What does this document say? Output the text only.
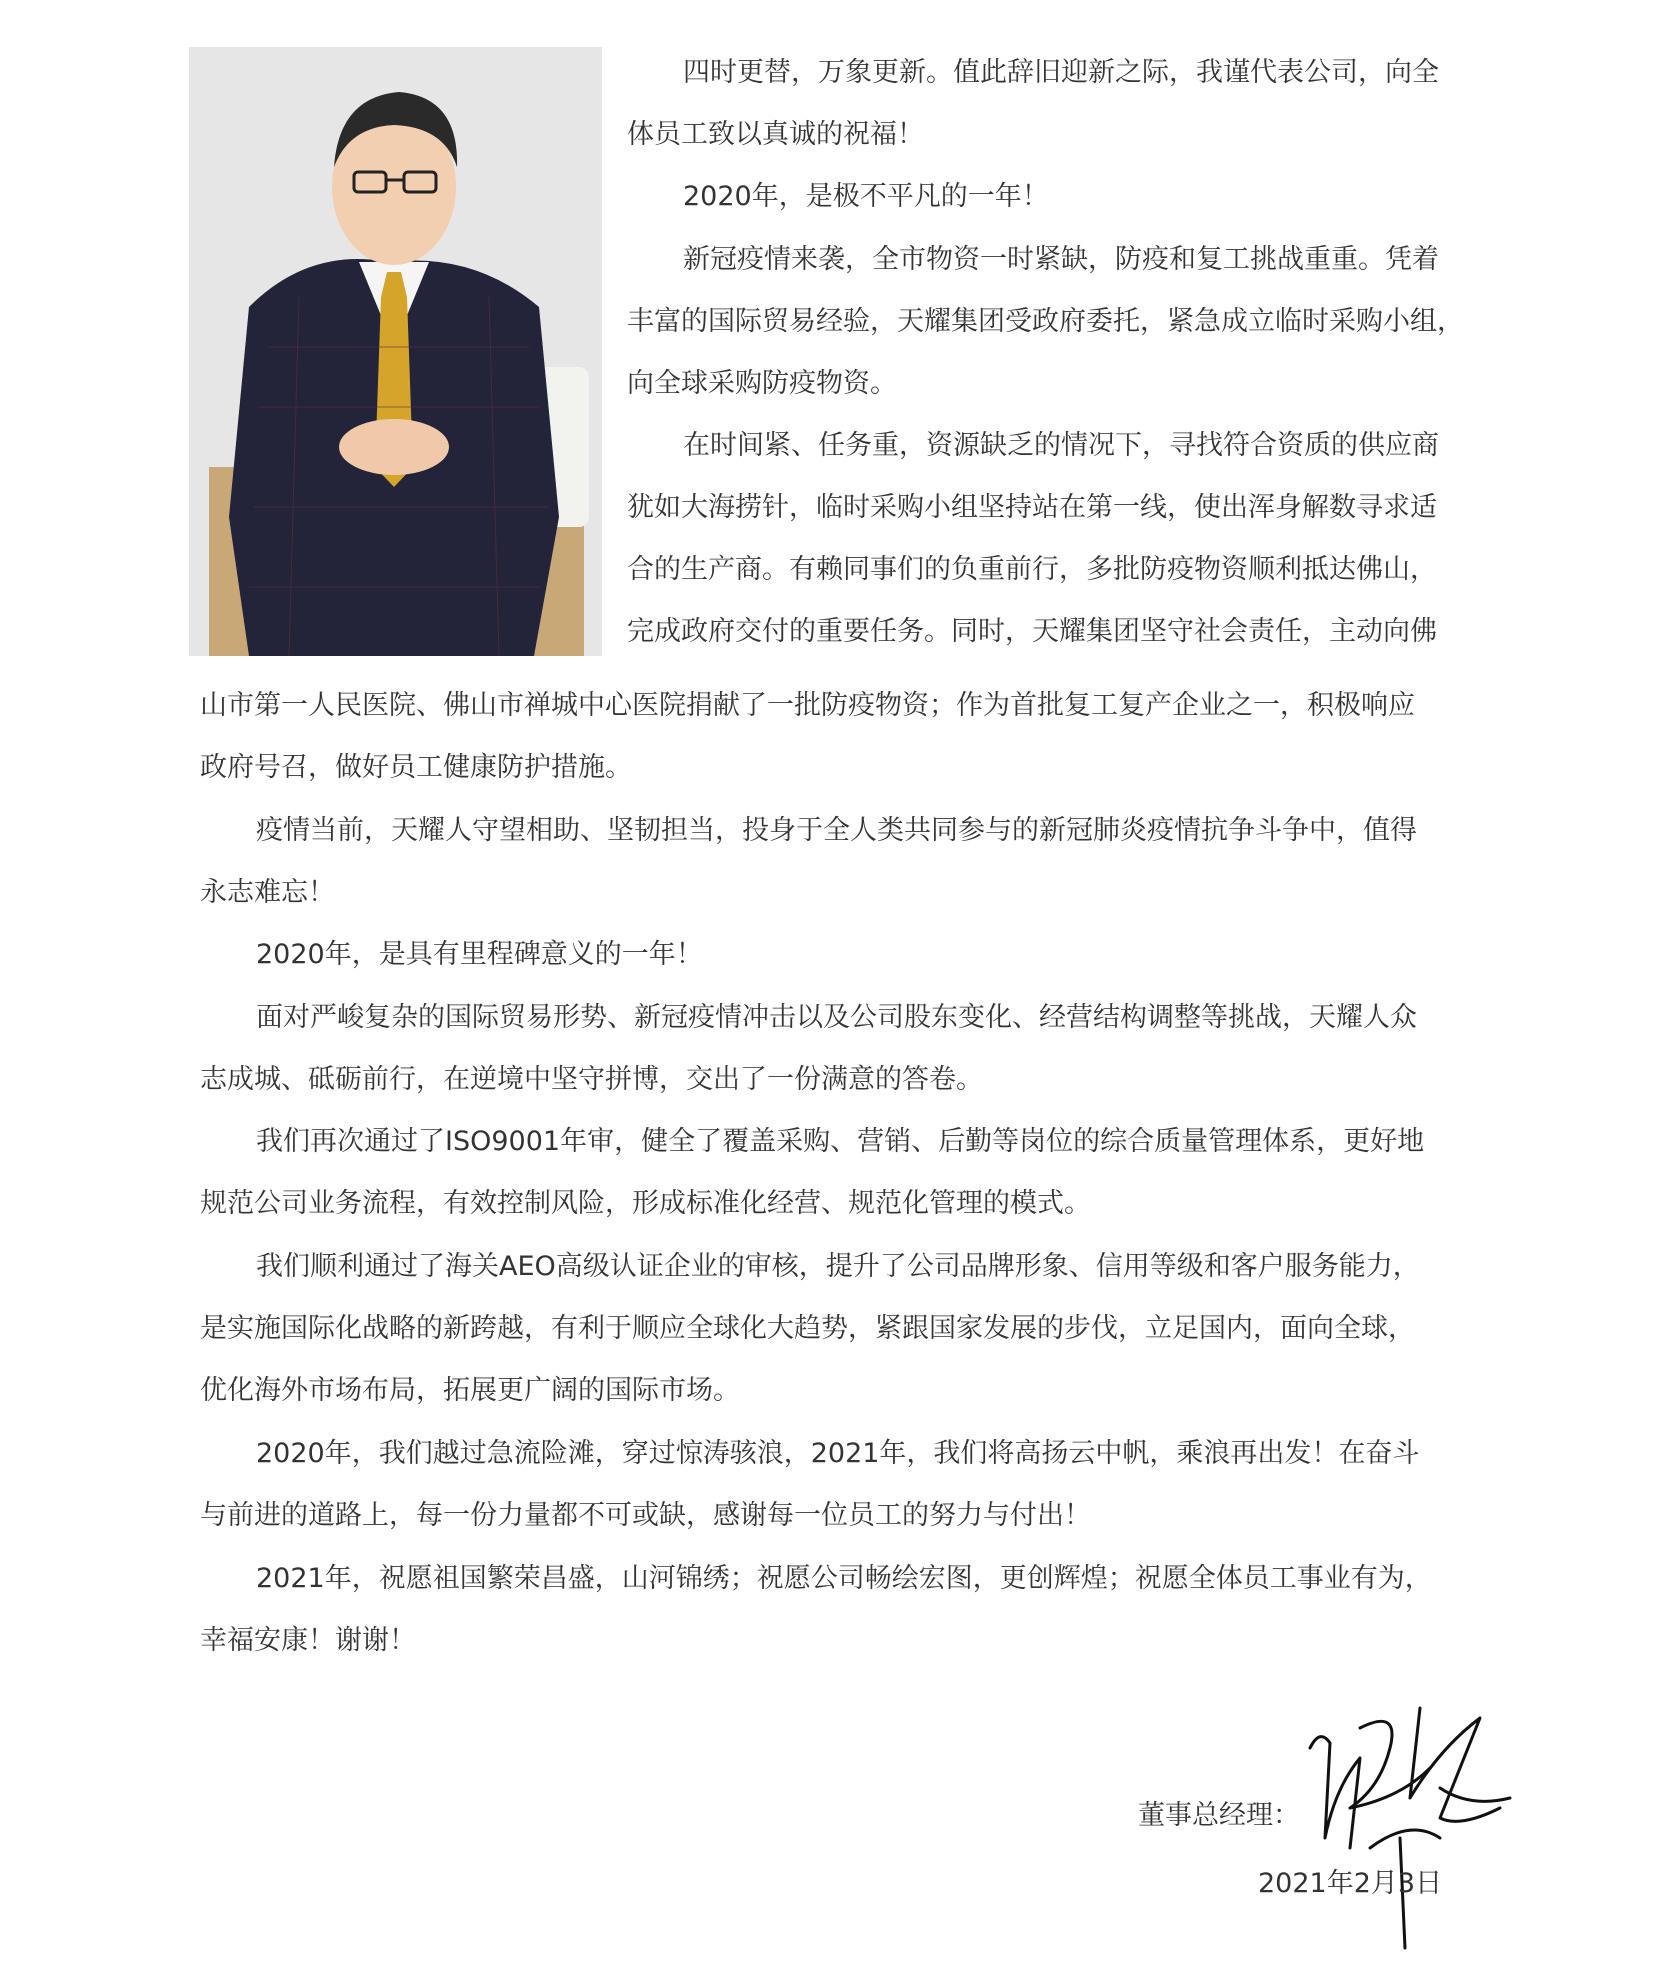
四时更替，万象更新。值此辞旧迎新之际，我谨代表公司，向全
体员工致以真诚的祝福！
2020年，是极不平凡的一年！
新冠疫情来袭，全市物资一时紧缺，防疫和复工挑战重重。凭着
丰富的国际贸易经验，天耀集团受政府委托，紧急成立临时采购小组，
向全球采购防疫物资。
在时间紧、任务重，资源缺乏的情况下，寻找符合资质的供应商
犹如大海捞针，临时采购小组坚持站在第一线，使出浑身解数寻求适
合的生产商。有赖同事们的负重前行，多批防疫物资顺利抵达佛山，
完成政府交付的重要任务。同时，天耀集团坚守社会责任，主动向佛
山市第一人民医院、佛山市禅城中心医院捐献了一批防疫物资；作为首批复工复产企业之一，积极响应
政府号召，做好员工健康防护措施。
疫情当前，天耀人守望相助、坚韧担当，投身于全人类共同参与的新冠肺炎疫情抗争斗争中，值得
永志难忘！
2020年，是具有里程碑意义的一年！
面对严峻复杂的国际贸易形势、新冠疫情冲击以及公司股东变化、经营结构调整等挑战，天耀人众
志成城、砥砺前行，在逆境中坚守拼博，交出了一份满意的答卷。
我们再次通过了ISO9001年审，健全了覆盖采购、营销、后勤等岗位的综合质量管理体系，更好地
规范公司业务流程，有效控制风险，形成标准化经营、规范化管理的模式。
我们顺利通过了海关AEO高级认证企业的审核，提升了公司品牌形象、信用等级和客户服务能力，
是实施国际化战略的新跨越，有利于顺应全球化大趋势，紧跟国家发展的步伐，立足国内，面向全球，
优化海外市场布局，拓展更广阔的国际市场。
2020年，我们越过急流险滩，穿过惊涛骇浪，2021年，我们将高扬云中帆，乘浪再出发！在奋斗
与前进的道路上，每一份力量都不可或缺，感谢每一位员工的努力与付出！
2021年，祝愿祖国繁荣昌盛，山河锦绣；祝愿公司畅绘宏图，更创辉煌；祝愿全体员工事业有为，
幸福安康！谢谢！
董事总经理：
2021年2月3日
